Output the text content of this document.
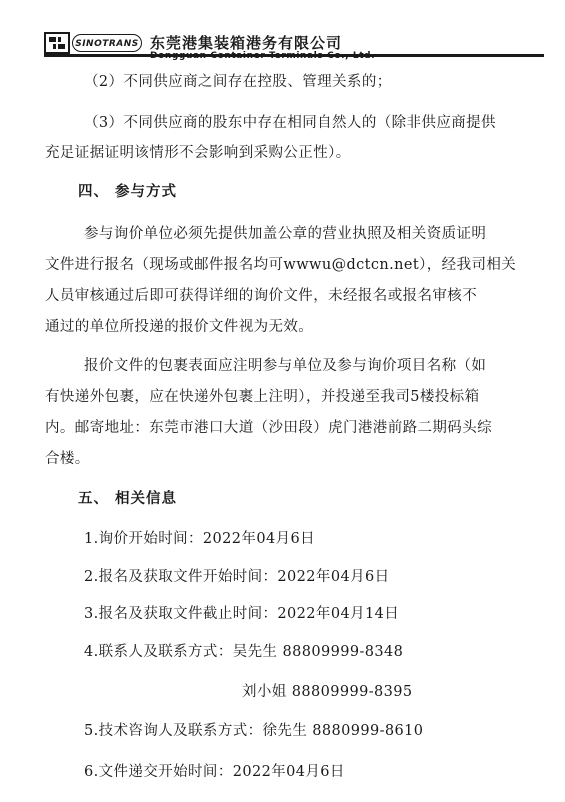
SINOTRANS 东莞港集装箱港务有限公司
（2）不同供应商之间存在控股、管理关系的；
（3）不同供应商的股东中存在相同自然人的（除非供应商提供
充足证据证明该情形不会影响到采购公正性）。
四、 参与方式
参与询价单位必须先提供加盖公章的营业执照及相关资质证明
文件进行报名（现场或邮件报名均可wwwu@dctcn.net），经我司相关
人员审核通过后即可获得详细的询价文件，未经报名或报名审核不
通过的单位所投递的报价文件视为无效。
报价文件的包裹表面应注明参与单位及参与询价项目名称（如
有快递外包裹，应在快递外包裹上注明），并投递至我司5楼投标箱
内。邮寄地址：东莞市港口大道（沙田段）虎门港港前路二期码头综
合楼。
五、 相关信息
1.询价开始时间：2022年04月6日
2.报名及获取文件开始时间：2022年04月6日
3.报名及获取文件截止时间：2022年04月14日
4.联系人及联系方式：吴先生 88809999-8348
刘小姐 88809999-8395
5.技术咨询人及联系方式：徐先生 8880999-8610
6.文件递交开始时间：2022年04月6日
